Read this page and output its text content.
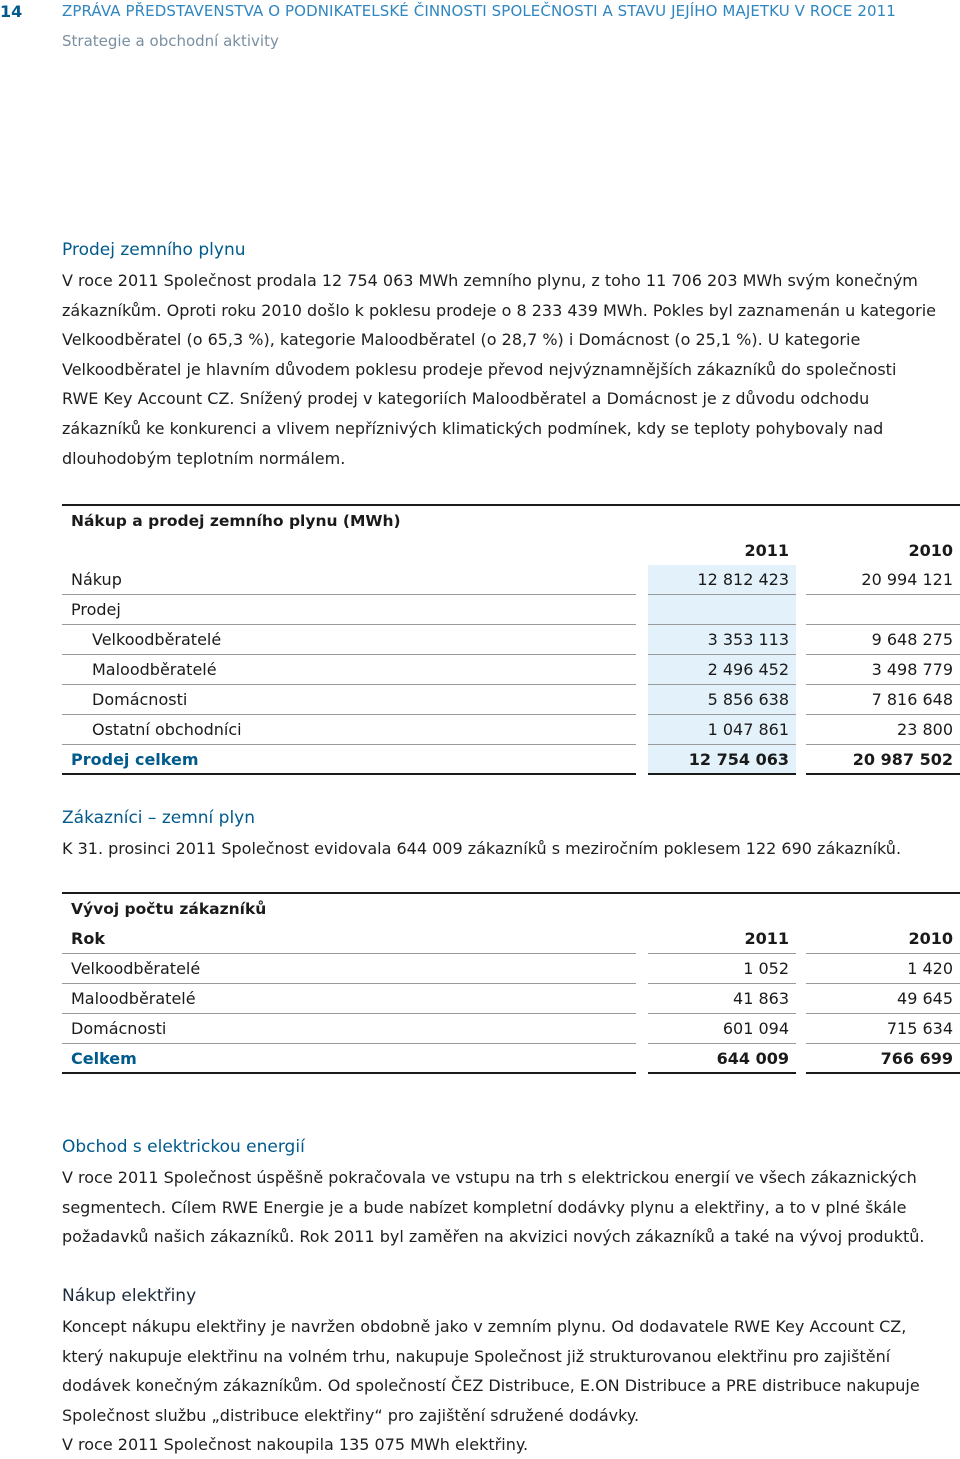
14	ZPRÁVA PŘEDSTAVENSTVA O PODNIKATELSKÉ ČINNOSTI SPOLEČNOSTI A STAVU JEJÍHO MAJETKU V ROCE 2011
Strategie a obchodní aktivity
Prodej zemního plynu
V roce 2011 Společnost prodala 12 754 063 MWh zemního plynu, z toho 11 706 203 MWh svým konečným
zákazníkům. Oproti roku 2010 došlo k poklesu prodeje o 8 233 439 MWh. Pokles byl zaznamenán u kategorie
Velkoodběratel (o 65,3 %), kategorie Maloodběratel (o 28,7 %) i Domácnost (o 25,1 %). U kategorie
Velkoodběratel je hlavním důvodem poklesu prodeje převod nejvýznamnějších zákazníků do společnosti
RWE Key Account CZ. Snížený prodej v kategoriích Maloodběratel a Domácnost je z důvodu odchodu
zákazníků ke konkurenci a vlivem nepříznivých klimatických podmínek, kdy se teploty pohybovaly nad
dlouhodobým teplotním normálem.
Nákup a prodej zemního plynu (MWh)
2011	2010
Nákup	12 812 423	20 994 121
Prodej
Velkoodběratelé	3 353 113	9 648 275
Maloodběratelé	2 496 452	3 498 779
Domácnosti	5 856 638	7 816 648
Ostatní obchodníci	1 047 861	23 800
Prodej celkem	12 754 063	20 987 502
Zákazníci – zemní plyn
K 31. prosinci 2011 Společnost evidovala 644 009 zákazníků s meziročním poklesem 122 690 zákazníků.
Vývoj počtu zákazníků
Rok	2011	2010
Velkoodběratelé	1 052	1 420
Maloodběratelé	41 863	49 645
Domácnosti	601 094	715 634
Celkem	644 009	766 699
Obchod s elektrickou energií
V roce 2011 Společnost úspěšně pokračovala ve vstupu na trh s elektrickou energií ve všech zákaznických
segmentech. Cílem RWE Energie je a bude nabízet kompletní dodávky plynu a elektřiny, a to v plné škále
požadavků našich zákazníků. Rok 2011 byl zaměřen na akvizici nových zákazníků a také na vývoj produktů.
Nákup elektřiny
Koncept nákupu elektřiny je navržen obdobně jako v zemním plynu. Od dodavatele RWE Key Account CZ,
který nakupuje elektřinu na volném trhu, nakupuje Společnost již strukturovanou elektřinu pro zajištění
dodávek konečným zákazníkům. Od společností ČEZ Distribuce, E.ON Distribuce a PRE distribuce nakupuje
Společnost službu „distribuce elektřiny“ pro zajištění sdružené dodávky.
V roce 2011 Společnost nakoupila 135 075 MWh elektřiny.
